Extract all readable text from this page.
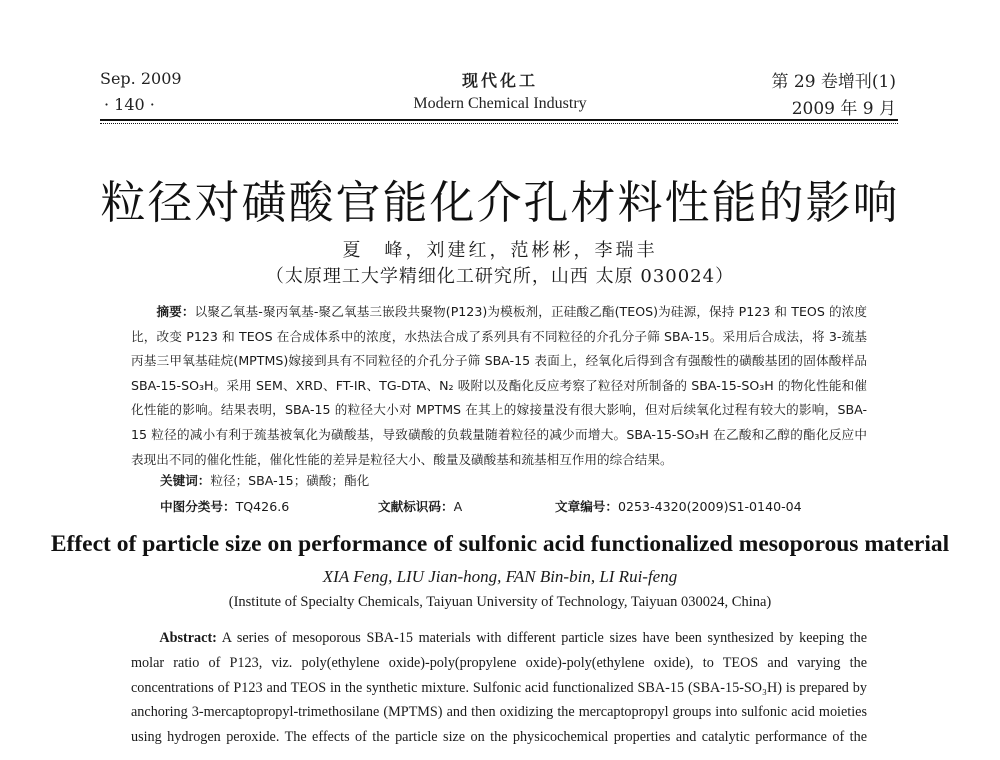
Sep. 2009
· 140 ·
现代化工
Modern Chemical Industry
第 29 卷增刊(1)
2009 年 9 月
粒径对磺酸官能化介孔材料性能的影响
夏　峰，刘建红，范彬彬，李瑞丰
（太原理工大学精细化工研究所，山西 太原 030024）
　　摘要：以聚乙氧基-聚丙氧基-聚乙氧基三嵌段共聚物(P123)为模板剂，正硅酸乙酯(TEOS)为硅源，保持 P123 和 TEOS 的浓度比，改变 P123 和 TEOS 在合成体系中的浓度，水热法合成了系列具有不同粒径的介孔分子筛 SBA-15。采用后合成法，将 3-巯基丙基三甲氧基硅烷(MPTMS)嫁接到具有不同粒径的介孔分子筛 SBA-15 表面上，经氧化后得到含有强酸性的磺酸基团的固体酸样品 SBA-15-SO₃H。采用 SEM、XRD、FT-IR、TG-DTA、N₂ 吸附以及酯化反应考察了粒径对所制备的 SBA-15-SO₃H 的物化性能和催化性能的影响。结果表明，SBA-15 的粒径大小对 MPTMS 在其上的嫁接量没有很大影响，但对后续氧化过程有较大的影响，SBA-15 粒径的减小有利于巯基被氧化为磺酸基，导致磺酸的负载量随着粒径的减少而增大。SBA-15-SO₃H 在乙酸和乙醇的酯化反应中表现出不同的催化性能，催化性能的差异是粒径大小、酸量及磺酸基和巯基相互作用的综合结果。
关键词：粒径；SBA-15；磺酸；酯化
中图分类号：TQ426.6	文献标识码：A	文章编号：0253-4320(2009)S1-0140-04
Effect of particle size on performance of sulfonic acid functionalized mesoporous material
XIA Feng, LIU Jian-hong, FAN Bin-bin, LI Rui-feng
(Institute of Specialty Chemicals, Taiyuan University of Technology, Taiyuan 030024, China)
  Abstract: A series of mesoporous SBA-15 materials with different particle sizes have been synthesized by keeping the molar ratio of P123, viz. poly(ethylene oxide)-poly(propylene oxide)-poly(ethylene oxide), to TEOS and varying the concentrations of P123 and TEOS in the synthetic mixture. Sulfonic acid functionalized SBA-15 (SBA-15-SO₃H) is prepared by anchoring 3-mercaptopropyl-trimethosilane (MPTMS) and then oxidizing the mercaptopropyl groups into sulfonic acid moieties using hydrogen peroxide. The effects of the particle size on the physicochemical properties and catalytic performance of the
